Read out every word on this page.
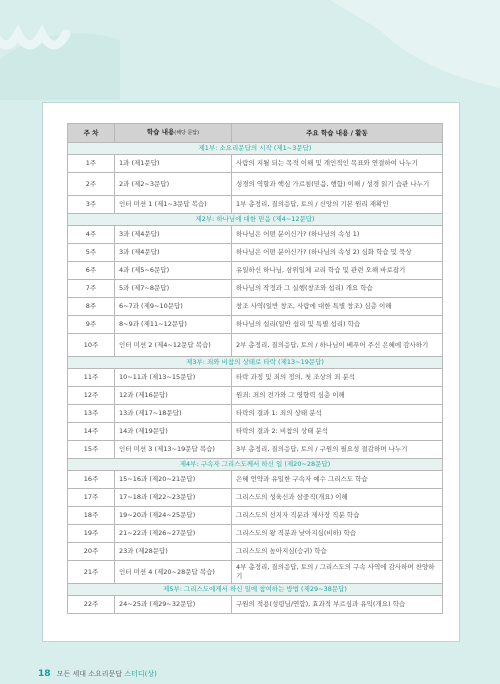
주 차	학습 내용(해당 문답)	주요 학습 내용 / 활동
제1부: 소요리문답의 시작 (제1~3문답)		
1주	1과 (제1문답)	사람의 지될 되는 목적 이해 및 개인적인 목표와 연결하여 나누기
2주	2과 (제2~3문답)	성경의 역할과 핵심 가르침(믿음, 행함) 이해 / 성경 읽기 습관 나누기
3주	인터 미션 1 (제1~3문답 복습)	1부 총정리, 질의응답, 토의 / 신앙의 기본 원리 재확인
제2부: 하나님에 대한 믿음 (제4~12문답)		
4주	3과 (제4문답)	하나님은 어떤 분이신가? (하나님의 속성 1)
5주	3과 (제4문답)	하나님은 어떤 분이신가? (하나님의 속성 2) 심화 학습 및 묵상
6주	4과 (제5~6문답)	유일하신 하나님, 삼위일체 교리 학습 및 관련 오해 바로잡기
7주	5과 (제7~8문답)	하나님의 작정과 그 실행(창조와 섭리) 개요 학습
8주	6~7과 (제9~10문답)	창조 사역(일반 창조, 사람에 대한 특별 창조) 심층 이해
9주	8~9과 (제11~12문답)	하나님의 섭리(일반 섭리 및 특별 섭리) 학습
10주	인터 미션 2 (제4~12문답 복습)	2부 총정리, 질의응답, 토의 / 하나님이 베푸어 주신 은혜에 감사하기
제3부: 죄와 비참의 상태로 타락 (제13~19문답)		
11주	10~11과 (제13~15문답)	타락 과정 및 죄의 정의, 첫 조상의 죄 분석
12주	12과 (제16문답)	원죄: 죄의 전가와 그 영향력 심층 이해
13주	13과 (제17~18문답)	타락의 결과 1: 죄의 상태 분석
14주	14과 (제19문답)	타락의 결과 2: 비참의 상태 분석
15주	인터 미션 3 (제13~19문답 복습)	3부 총정리, 질의응답, 토의 / 구원의 필요성 절감하며 나누기
제4부: 구속자 그리스도께서 하신 일 (제20~28문답)		
16주	15~16과 (제20~21문답)	은혜 언약과 유일한 구속자 예수 그리스도 학습
17주	17~18과 (제22~23문답)	그리스도의 성육신과 삼중직(개요) 이해
18주	19~20과 (제24~25문답)	그리스도의 선지자 직분과 제사장 직분 학습
19주	21~22과 (제26~27문답)	그리스도의 왕 직분과 낮아지심(비하) 학습
20주	23과 (제28문답)	그리스도의 높아지심(승귀) 학습
21주	인터 미션 4 (제20~28문답 복습)	4부 총정리, 질의응답, 토의 / 그리스도의 구속 사역에 감사하며 찬양하기
제5부: 그리스도에게서 하신 일에 참여하는 방법 (제29~38문답)		
22주	24~25과 (제29~32문답)	구원의 적용(성령님/연합), 효과적 부르심과 유익(개요) 학습
18 모든 세대 소요리문답 스터디(상)
